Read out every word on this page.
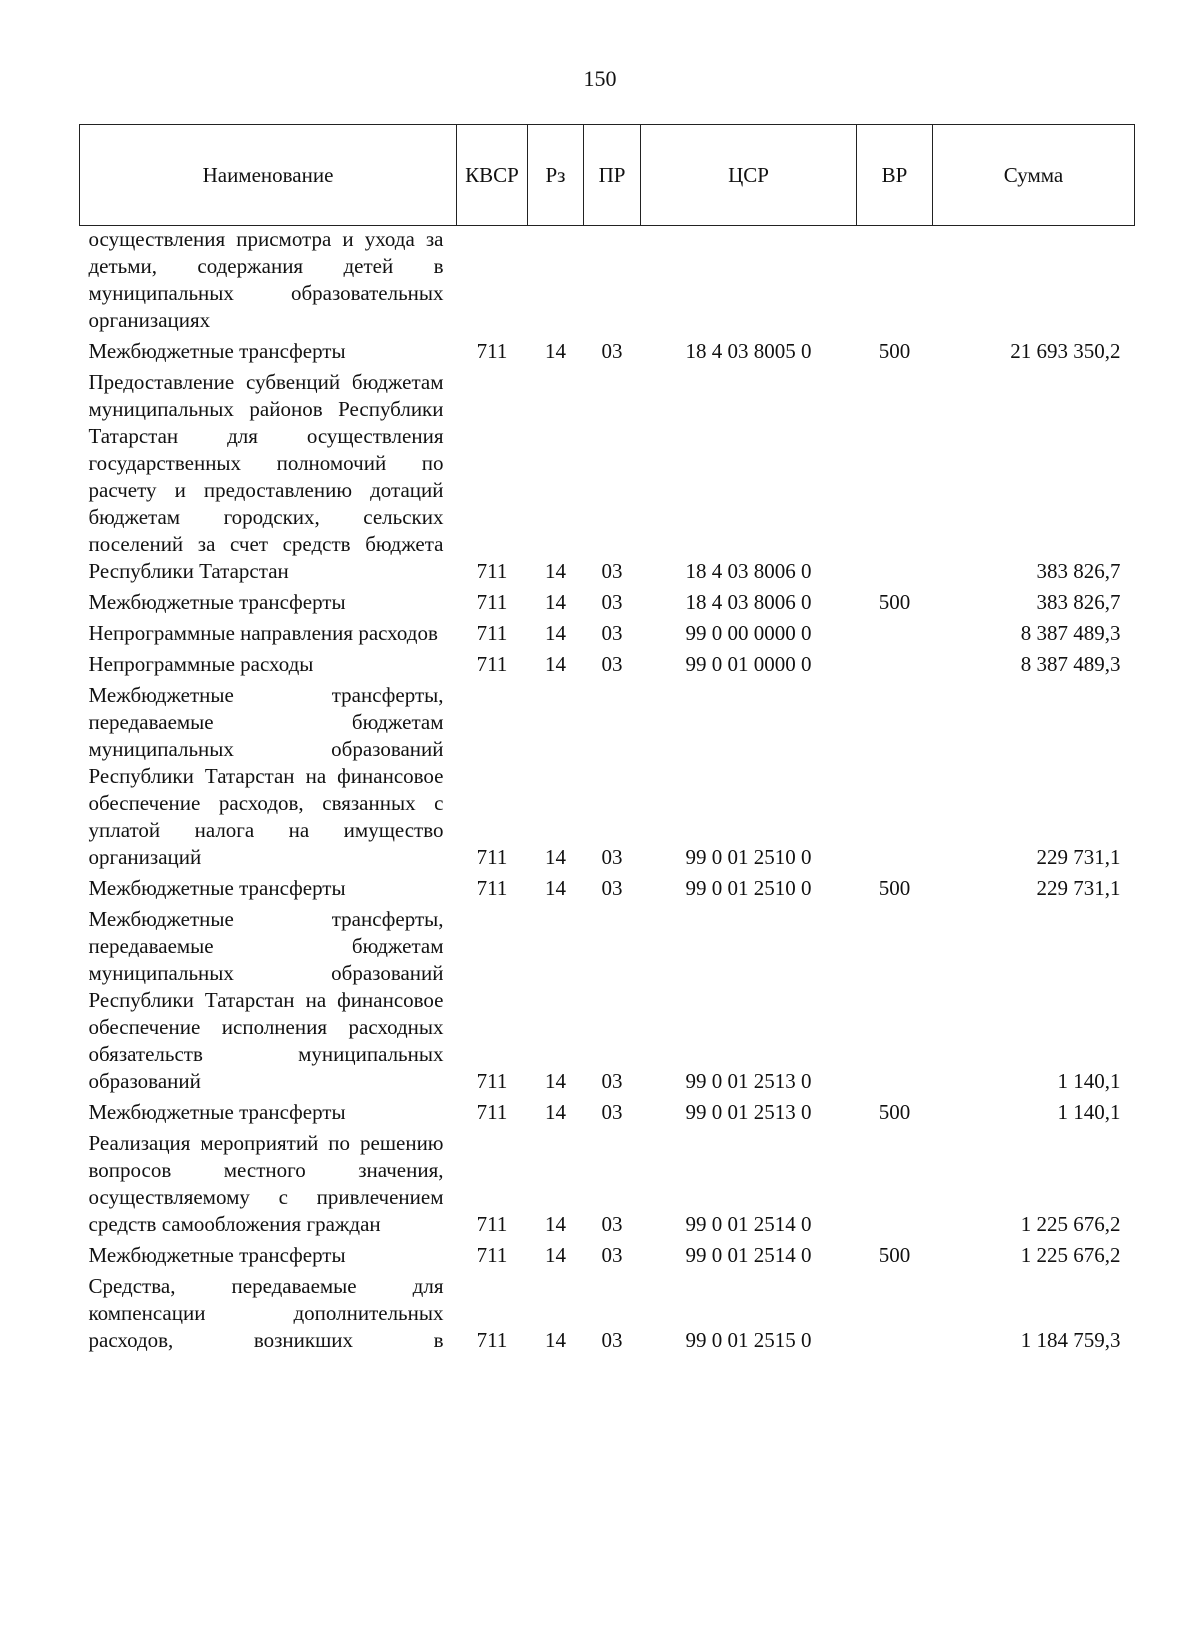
150
Наименование	КВСР	Рз	ПР	ЦСР	ВР	Сумма
осуществления присмотра и ухода за детьми, содержания детей в муниципальных образовательных организациях						
Межбюджетные трансферты	711	14	03	18 4 03 8005 0	500	21 693 350,2
Предоставление субвенций бюджетам муниципальных районов Республики Татарстан для осуществления государственных полномочий по расчету и предоставлению дотаций бюджетам городских, сельских поселений за счет средств бюджета Республики Татарстан	711	14	03	18 4 03 8006 0		383 826,7
Межбюджетные трансферты	711	14	03	18 4 03 8006 0	500	383 826,7
Непрограммные направления расходов	711	14	03	99 0 00 0000 0		8 387 489,3
Непрограммные расходы	711	14	03	99 0 01 0000 0		8 387 489,3
Межбюджетные трансферты, передаваемые бюджетам муниципальных образований Республики Татарстан на финансовое обеспечение расходов, связанных с уплатой налога на имущество организаций	711	14	03	99 0 01 2510 0		229 731,1
Межбюджетные трансферты	711	14	03	99 0 01 2510 0	500	229 731,1
Межбюджетные трансферты, передаваемые бюджетам муниципальных образований Республики Татарстан на финансовое обеспечение исполнения расходных обязательств муниципальных образований	711	14	03	99 0 01 2513 0		1 140,1
Межбюджетные трансферты	711	14	03	99 0 01 2513 0	500	1 140,1
Реализация мероприятий по решению вопросов местного значения, осуществляемому с привлечением средств самообложения граждан	711	14	03	99 0 01 2514 0		1 225 676,2
Межбюджетные трансферты	711	14	03	99 0 01 2514 0	500	1 225 676,2
Средства, передаваемые для компенсации дополнительных расходов, возникших в	711	14	03	99 0 01 2515 0		1 184 759,3
